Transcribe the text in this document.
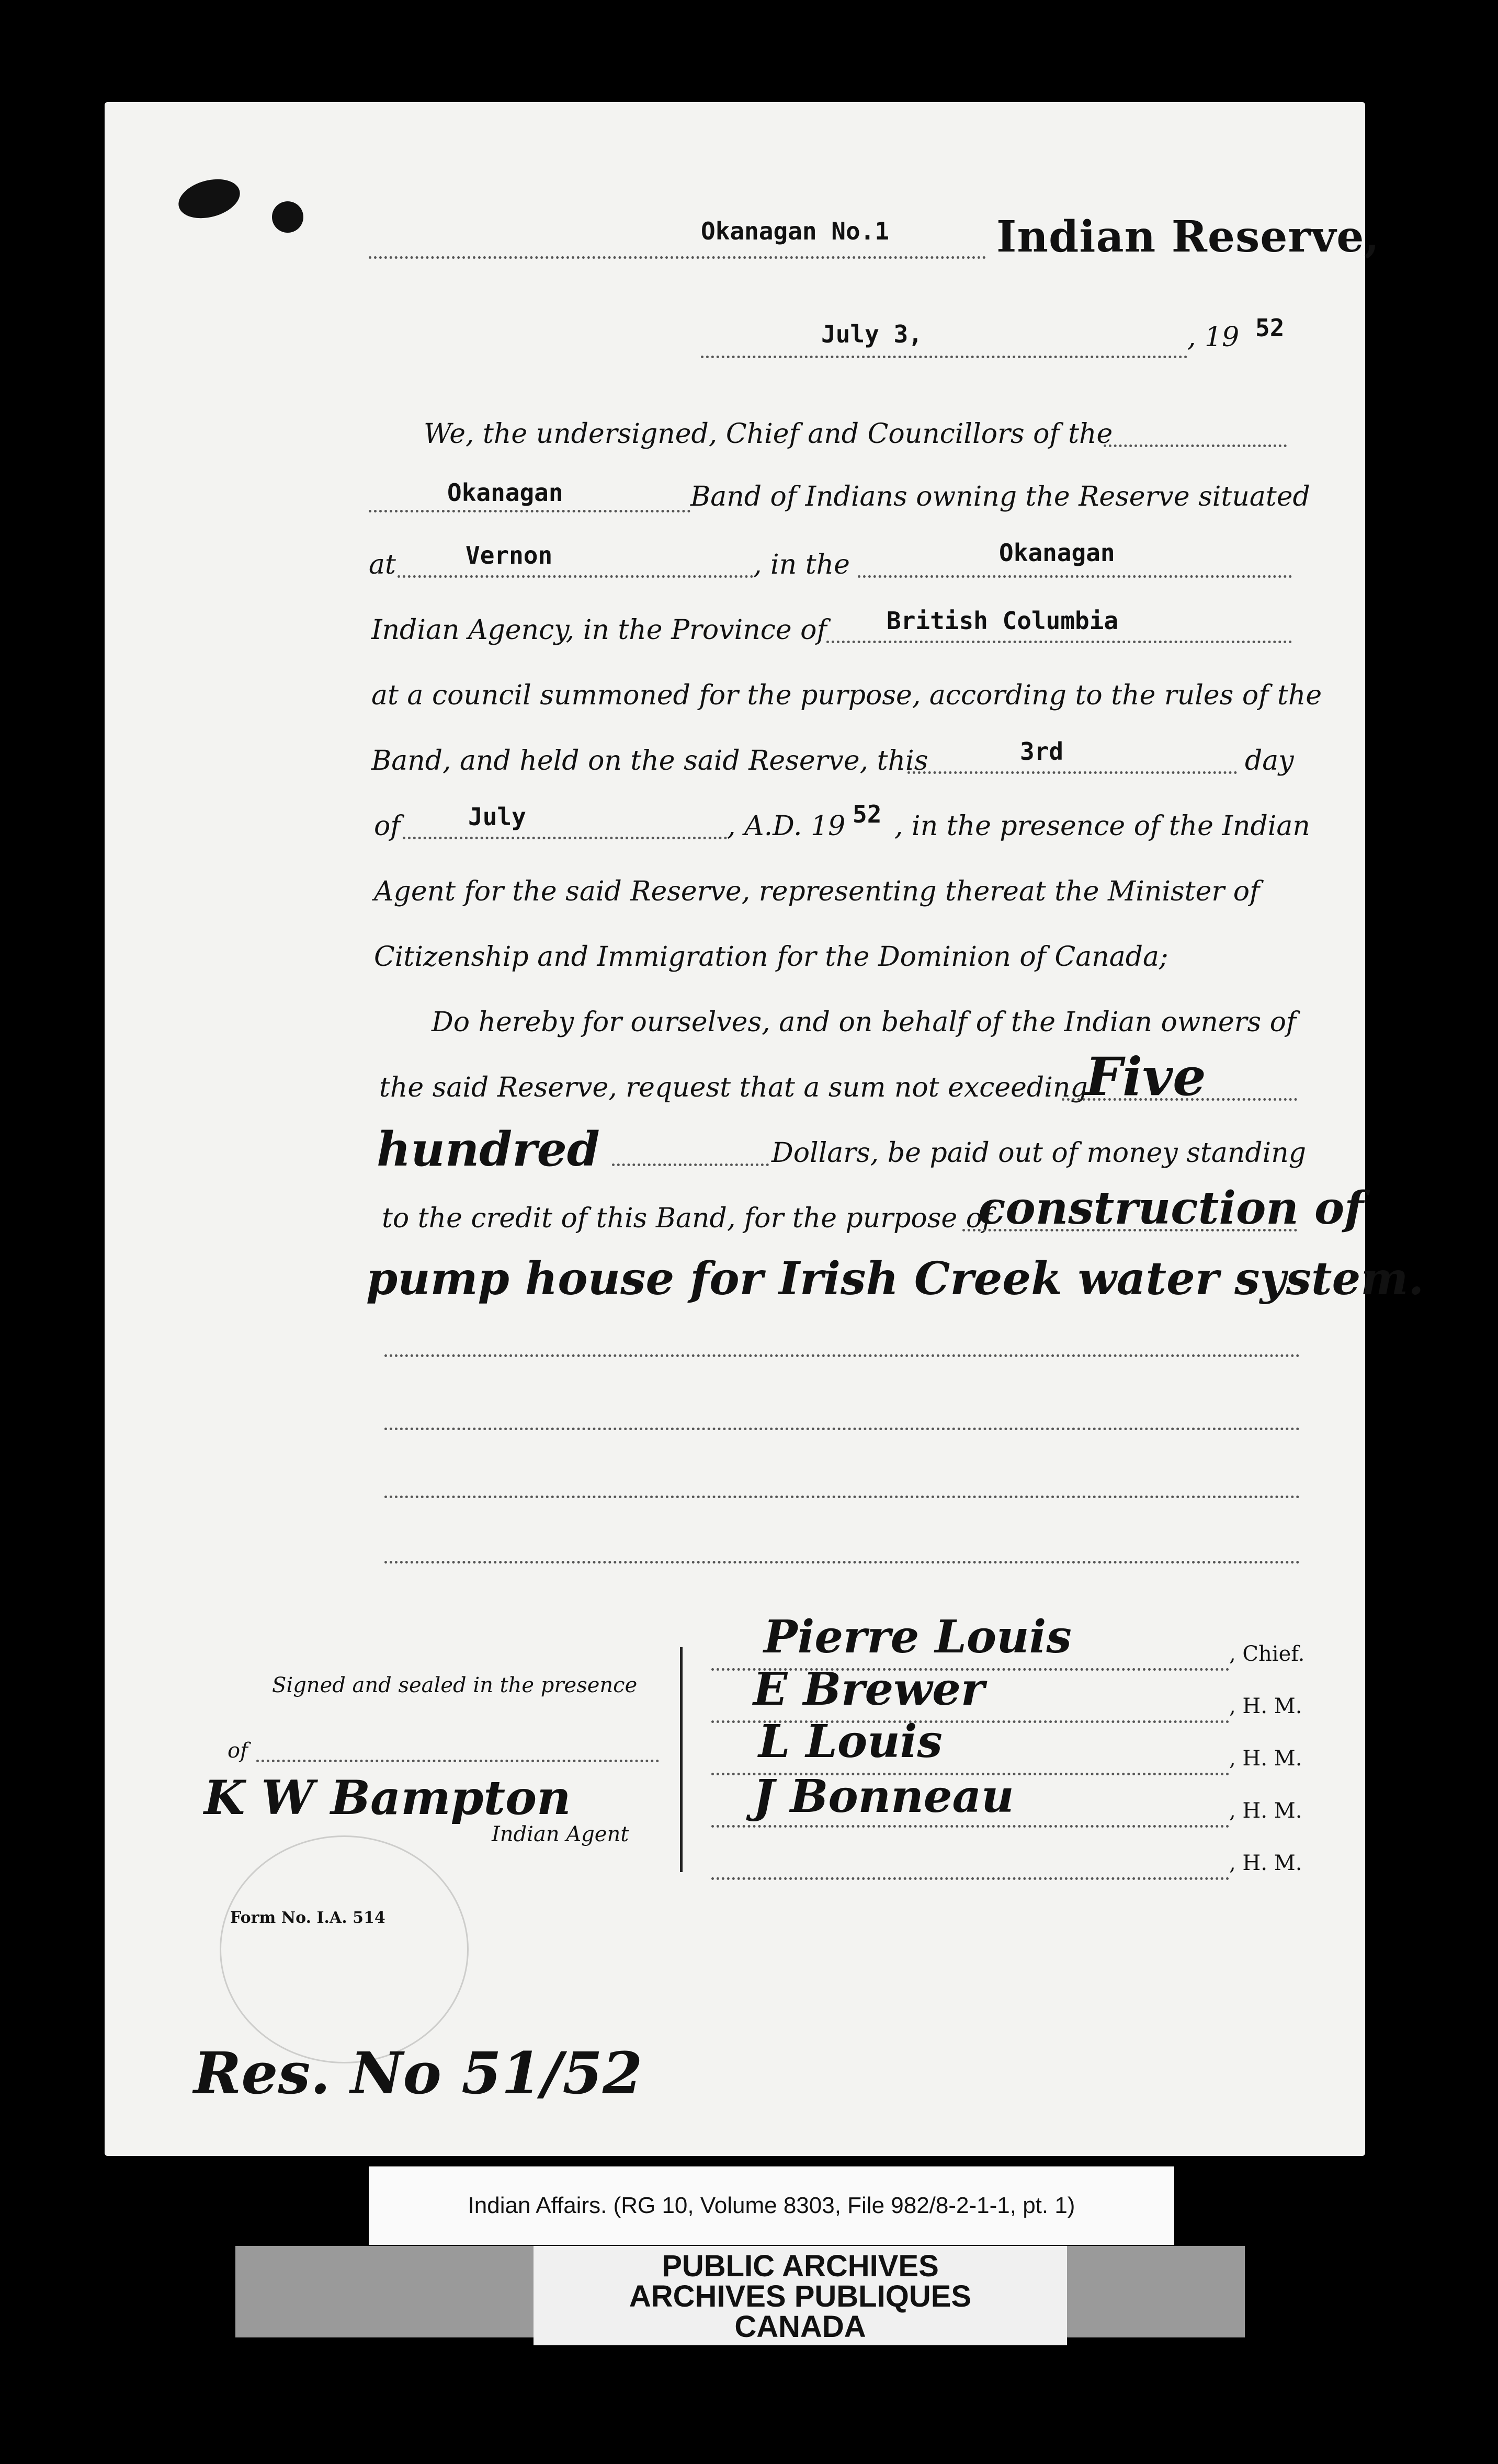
Okanagan No.1 Indian Reserve,
July 3,	, 19 52
We, the undersigned, Chief and Councillors of the
Okanagan	Band of Indians owning the Reserve situated
at	Vernon	, in the	Okanagan
Indian Agency, in the Province of British Columbia
at a council summoned for the purpose, according to the rules of the
Band, and held on the said Reserve, this	3rd	day
of	July	, A.D. 19 52 , in the presence of the Indian
Agent for the said Reserve, representing thereat the Minister of
Citizenship and Immigration for the Dominion of Canada;
Do hereby for ourselves, and on behalf of the Indian owners of
the said Reserve, request that a sum not exceeding
Five
hundred	Dollars, be paid out of money standing
to the credit of this Band, for the purpose of
construction of
pump house for Irish Creek water system.
Signed and sealed in the presence
of
K W Bampton
Indian Agent
Pierre Louis	, Chief.
E Brewer	, H. M.
L Louis	, H. M.
J Bonneau	, H. M.
, H. M.
Form No. I.A. 514
Res. No 51/52
Indian Affairs. (RG 10, Volume 8303, File 982/8-2-1-1, pt. 1)
PUBLIC ARCHIVES
ARCHIVES PUBLIQUES
CANADA
